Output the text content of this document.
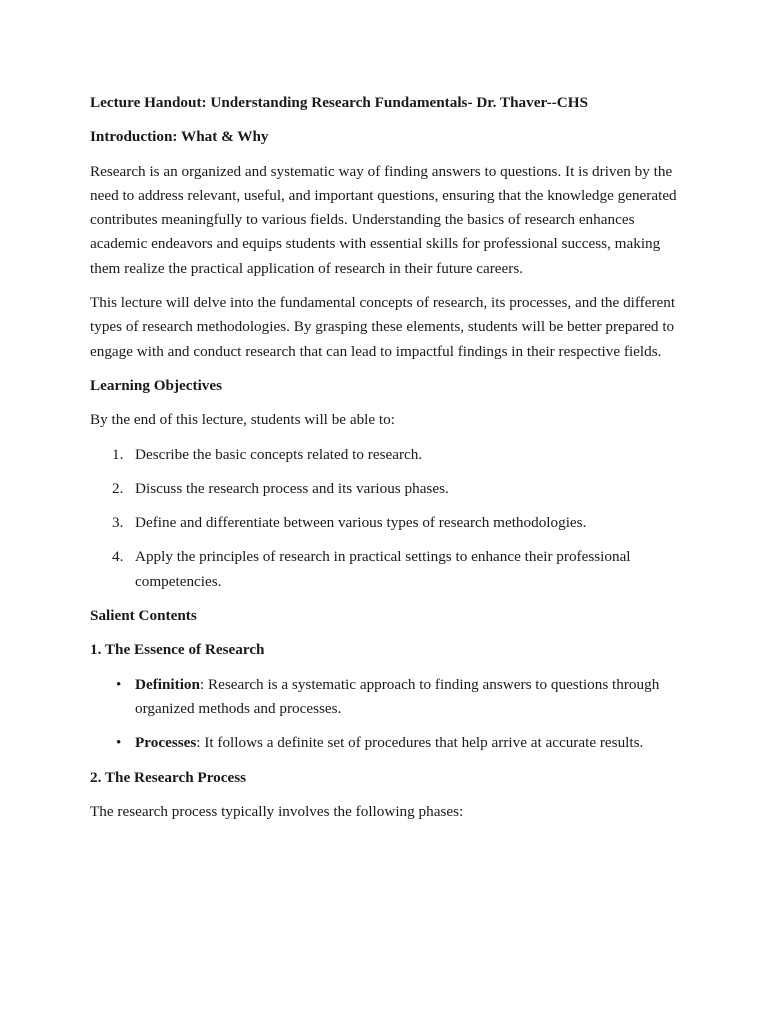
Lecture Handout: Understanding Research Fundamentals- Dr. Thaver--CHS
Introduction: What & Why
Research is an organized and systematic way of finding answers to questions. It is driven by the need to address relevant, useful, and important questions, ensuring that the knowledge generated contributes meaningfully to various fields. Understanding the basics of research enhances academic endeavors and equips students with essential skills for professional success, making them realize the practical application of research in their future careers.
This lecture will delve into the fundamental concepts of research, its processes, and the different types of research methodologies. By grasping these elements, students will be better prepared to engage with and conduct research that can lead to impactful findings in their respective fields.
Learning Objectives
By the end of this lecture, students will be able to:
1. Describe the basic concepts related to research.
2. Discuss the research process and its various phases.
3. Define and differentiate between various types of research methodologies.
4. Apply the principles of research in practical settings to enhance their professional competencies.
Salient Contents
1. The Essence of Research
• Definition: Research is a systematic approach to finding answers to questions through organized methods and processes.
• Processes: It follows a definite set of procedures that help arrive at accurate results.
2. The Research Process
The research process typically involves the following phases:
